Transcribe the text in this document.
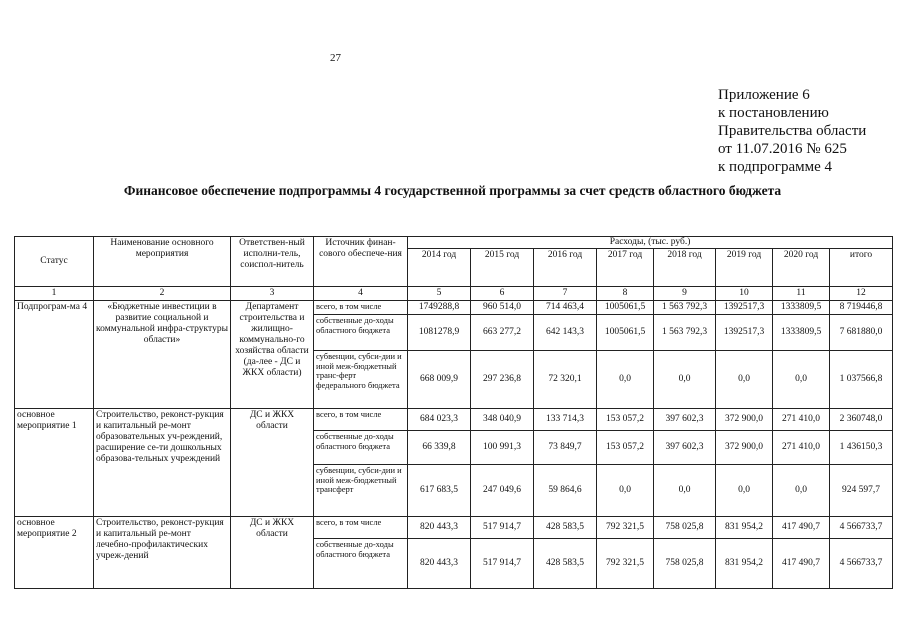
27
Приложение 6
к постановлению
Правительства области
от 11.07.2016 № 625
к подпрограмме 4
Финансовое обеспечение подпрограммы 4 государственной программы за счет средств областного бюджета
Статус	Наименование основного мероприятия	Ответствен-ный исполни-тель, соиспол-нитель	Источник финан-сового обеспече-ния	Расходы, (тыс. руб.)							
				2014 год	2015 год	2016 год	2017 год	2018 год	2019 год	2020 год	итого
1	2	3	4	5	6	7	8	9	10	11	12
Подпрограм-ма 4	«Бюджетные инвестиции в развитие социальной и коммунальной инфра-структуры области»	Департамент строительства и жилищно-коммунально-го хозяйства области (да-лее - ДС и ЖКХ области)	всего, в том числе	1749288,8	960 514,0	714 463,4	1005061,5	1 563 792,3	1392517,3	1333809,5	8 719446,8
			собственные до-ходы областного бюджета	1081278,9	663 277,2	642 143,3	1005061,5	1 563 792,3	1392517,3	1333809,5	7 681880,0
			субвенции, субси-дии и иной меж-бюджетный транс-ферт федерального бюджета	668 009,9	297 236,8	72 320,1	0,0	0,0	0,0	0,0	1 037566,8
основное мероприятие 1	Строительство, реконст-рукция и капитальный ре-монт образовательных уч-реждений, расширение се-ти дошкольных образова-тельных учреждений	ДС и ЖКХ области	всего, в том числе	684 023,3	348 040,9	133 714,3	153 057,2	397 602,3	372 900,0	271 410,0	2 360748,0
			собственные до-ходы областного бюджета	66 339,8	100 991,3	73 849,7	153 057,2	397 602,3	372 900,0	271 410,0	1 436150,3
			субвенции, субси-дии и иной меж-бюджетный трансферт	617 683,5	247 049,6	59 864,6	0,0	0,0	0,0	0,0	924 597,7
основное мероприятие 2	Строительство, реконст-рукция и капитальный ре-монт лечебно-профилактических учреж-дений	ДС и ЖКХ области	всего, в том числе	820 443,3	517 914,7	428 583,5	792 321,5	758 025,8	831 954,2	417 490,7	4 566733,7
			собственные до-ходы областного бюджета	820 443,3	517 914,7	428 583,5	792 321,5	758 025,8	831 954,2	417 490,7	4 566733,7
